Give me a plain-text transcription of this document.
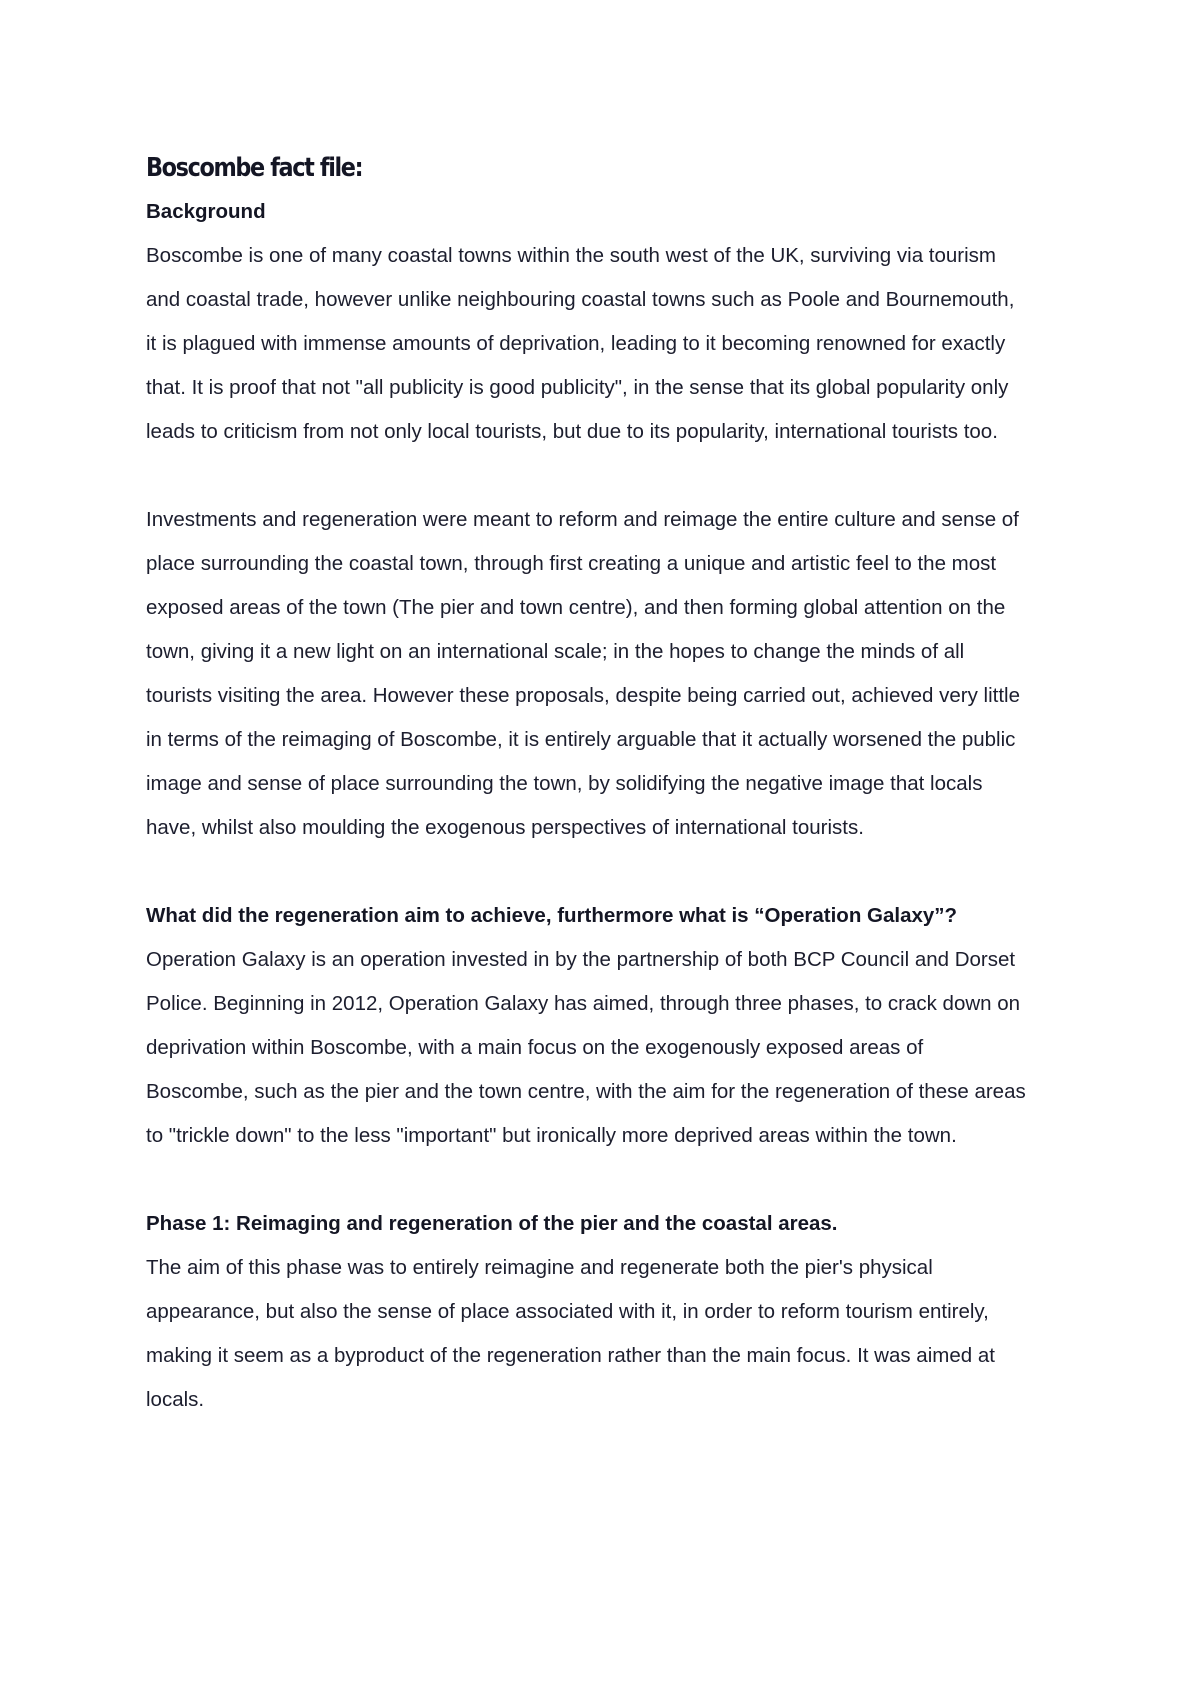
Boscombe fact file:
Background

Boscombe is one of many coastal towns within the south west of the UK, surviving via tourism
and coastal trade, however unlike neighbouring coastal towns such as Poole and Bournemouth,
it is plagued with immense amounts of deprivation, leading to it becoming renowned for exactly
that. It is proof that not "all publicity is good publicity", in the sense that its global popularity only
leads to criticism from not only local tourists, but due to its popularity, international tourists too.

Investments and regeneration were meant to reform and reimage the entire culture and sense of
place surrounding the coastal town, through first creating a unique and artistic feel to the most
exposed areas of the town (The pier and town centre), and then forming global attention on the
town, giving it a new light on an international scale; in the hopes to change the minds of all
tourists visiting the area. However these proposals, despite being carried out, achieved very little
in terms of the reimaging of Boscombe, it is entirely arguable that it actually worsened the public
image and sense of place surrounding the town, by solidifying the negative image that locals
have, whilst also moulding the exogenous perspectives of international tourists.

What did the regeneration aim to achieve, furthermore what is “Operation Galaxy”?

Operation Galaxy is an operation invested in by the partnership of both BCP Council and Dorset
Police. Beginning in 2012, Operation Galaxy has aimed, through three phases, to crack down on
deprivation within Boscombe, with a main focus on the exogenously exposed areas of
Boscombe, such as the pier and the town centre, with the aim for the regeneration of these areas
to "trickle down" to the less "important" but ironically more deprived areas within the town.

Phase 1: Reimaging and regeneration of the pier and the coastal areas.

The aim of this phase was to entirely reimagine and regenerate both the pier's physical
appearance, but also the sense of place associated with it, in order to reform tourism entirely,
making it seem as a byproduct of the regeneration rather than the main focus. It was aimed at
locals.
